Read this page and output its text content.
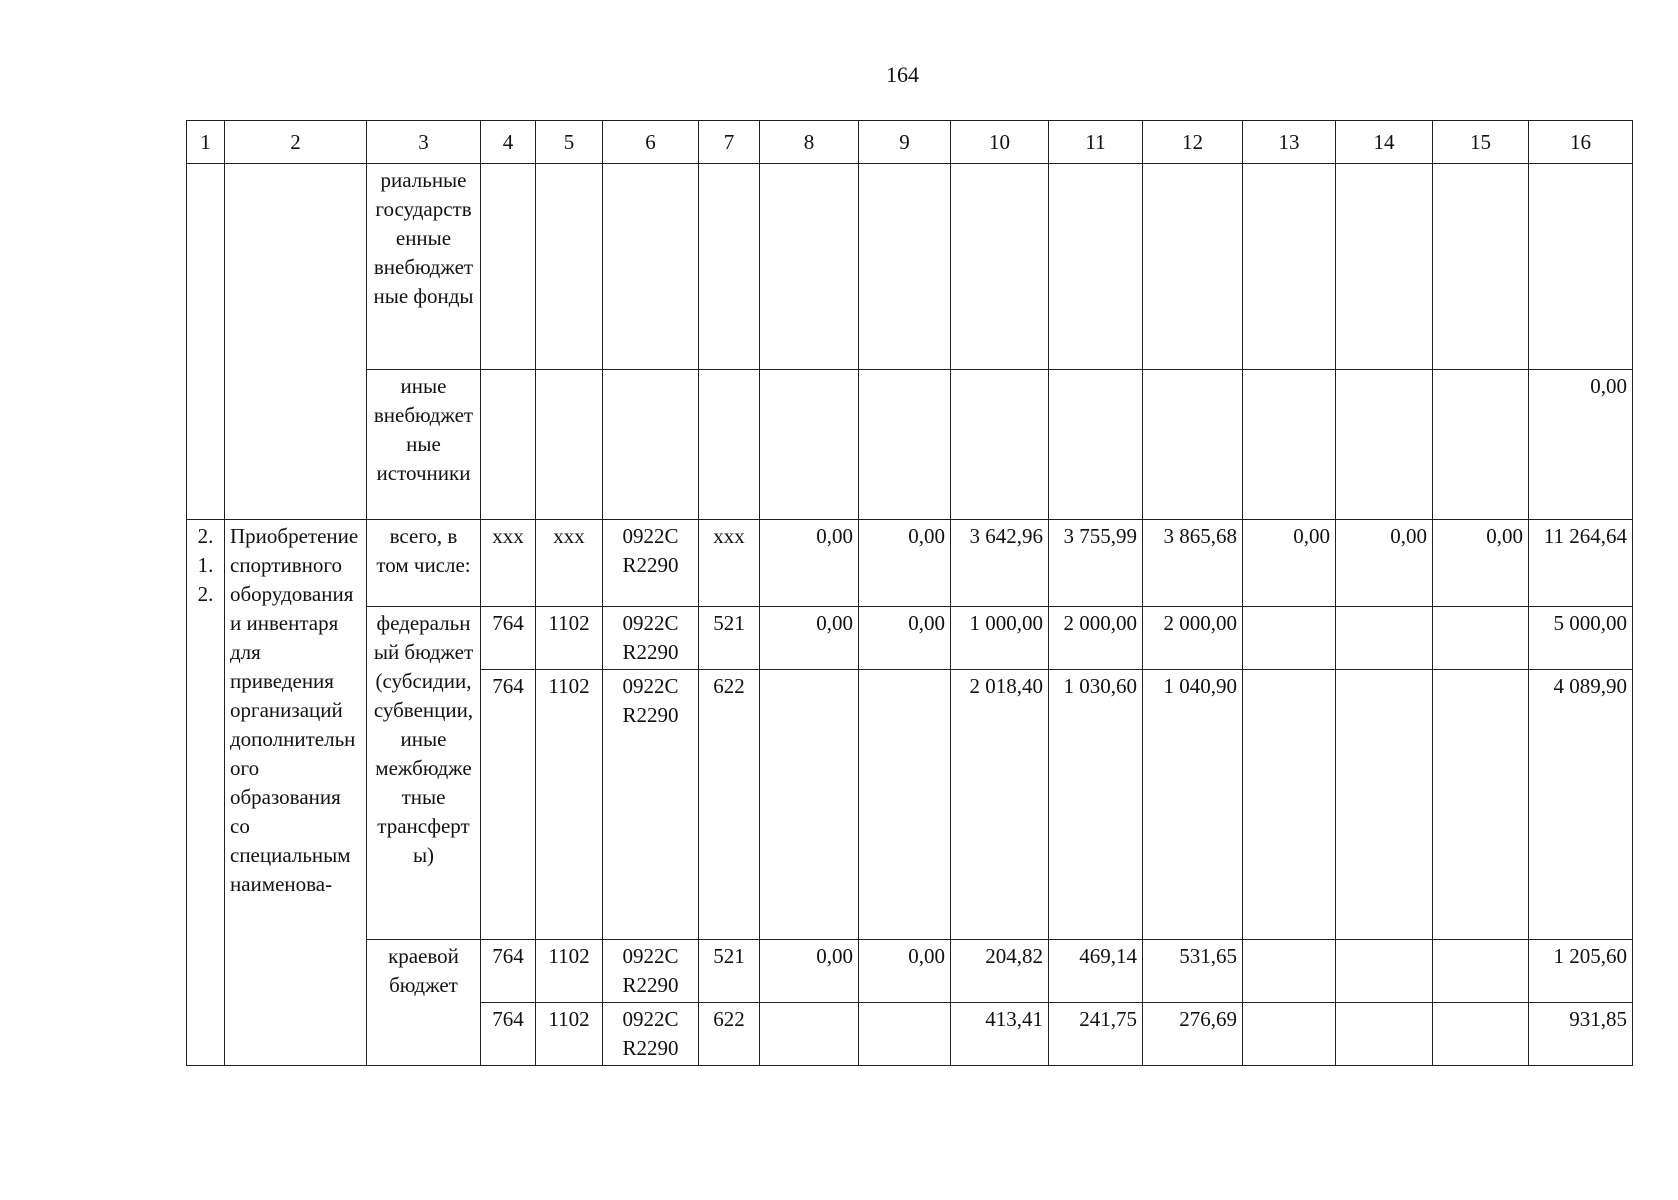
164
1	2	3	4	5	6	7	8	9	10	11	12	13	14	15	16
		риальные государственные внебюджетные фонды													
		иные внебюджетные источники													0,00
2. 1. 2.	Приобретение спортивного оборудования и инвентаря для приведения организаций дополнительного образования со специальным наименова-	всего, в том числе:	xxx	xxx	0922C R2290	xxx	0,00	0,00	3 642,96	3 755,99	3 865,68	0,00	0,00	0,00	11 264,64
		федеральный бюджет (субсидии, субвенции, иные межбюджетные трансферты)	764	1102	0922C R2290	521	0,00	0,00	1 000,00	2 000,00	2 000,00				5 000,00
			764	1102	0922C R2290	622			2 018,40	1 030,60	1 040,90				4 089,90
		краевой бюджет	764	1102	0922C R2290	521	0,00	0,00	204,82	469,14	531,65				1 205,60
			764	1102	0922C R2290	622			413,41	241,75	276,69				931,85
